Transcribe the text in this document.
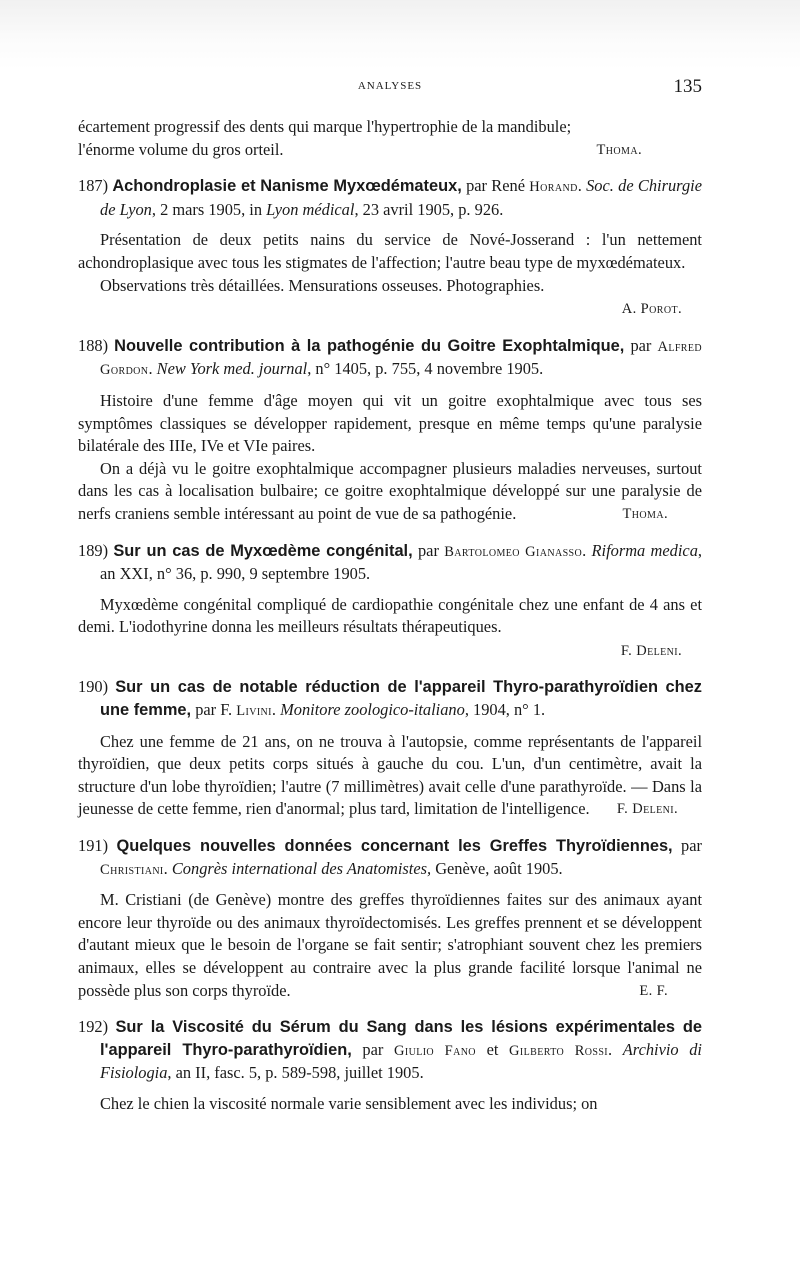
ANALYSES	135

écartement progressif des dents qui marque l'hypertrophie de la mandibule;

l'énorme volume du gros orteil.	Thoma.

187) Achondroplasie et Nanisme Myxœdémateux, par René Horand. Soc. de Chirurgie de Lyon, 2 mars 1905, in Lyon médical, 23 avril 1905, p. 926.

Présentation de deux petits nains du service de Nové-Josserand : l'un nettement achondroplasique avec tous les stigmates de l'affection; l'autre beau type de myxœdémateux.

Observations très détaillées. Mensurations osseuses. Photographies.

A. Porot.

188) Nouvelle contribution à la pathogénie du Goitre Exophtalmique, par Alfred Gordon. New York med. journal, n° 1405, p. 755, 4 novembre 1905.

Histoire d'une femme d'âge moyen qui vit un goitre exophtalmique avec tous ses symptômes classiques se développer rapidement, presque en même temps qu'une paralysie bilatérale des IIIe, IVe et VIe paires.

On a déjà vu le goitre exophtalmique accompagner plusieurs maladies nerveuses, surtout dans les cas à localisation bulbaire; ce goitre exophtalmique développé sur une paralysie de nerfs craniens semble intéressant au point de vue de sa pathogénie.	Thoma.

189) Sur un cas de Myxœdème congénital, par Bartolomeo Gianasso. Riforma medica, an XXI, n° 36, p. 990, 9 septembre 1905.

Myxœdème congénital compliqué de cardiopathie congénitale chez une enfant de 4 ans et demi. L'iodothyrine donna les meilleurs résultats thérapeutiques.

F. Deleni.

190) Sur un cas de notable réduction de l'appareil Thyro-parathyroïdien chez une femme, par F. Livini. Monitore zoologico-italiano, 1904, n° 1.

Chez une femme de 21 ans, on ne trouva à l'autopsie, comme représentants de l'appareil thyroïdien, que deux petits corps situés à gauche du cou. L'un, d'un centimètre, avait la structure d'un lobe thyroïdien; l'autre (7 millimètres) avait celle d'une parathyroïde. — Dans la jeunesse de cette femme, rien d'anormal; plus tard, limitation de l'intelligence.	F. Deleni.

191) Quelques nouvelles données concernant les Greffes Thyroïdiennes, par Christiani. Congrès international des Anatomistes, Genève, août 1905.

M. Cristiani (de Genève) montre des greffes thyroïdiennes faites sur des animaux ayant encore leur thyroïde ou des animaux thyroïdectomisés. Les greffes prennent et se développent d'autant mieux que le besoin de l'organe se fait sentir; s'atrophiant souvent chez les premiers animaux, elles se développent au contraire avec la plus grande facilité lorsque l'animal ne possède plus son corps thyroïde.	E. F.

192) Sur la Viscosité du Sérum du Sang dans les lésions expérimentales de l'appareil Thyro-parathyroïdien, par Giulio Fano et Gilberto Rossi. Archivio di Fisiologia, an II, fasc. 5, p. 589-598, juillet 1905.

Chez le chien la viscosité normale varie sensiblement avec les individus; on
